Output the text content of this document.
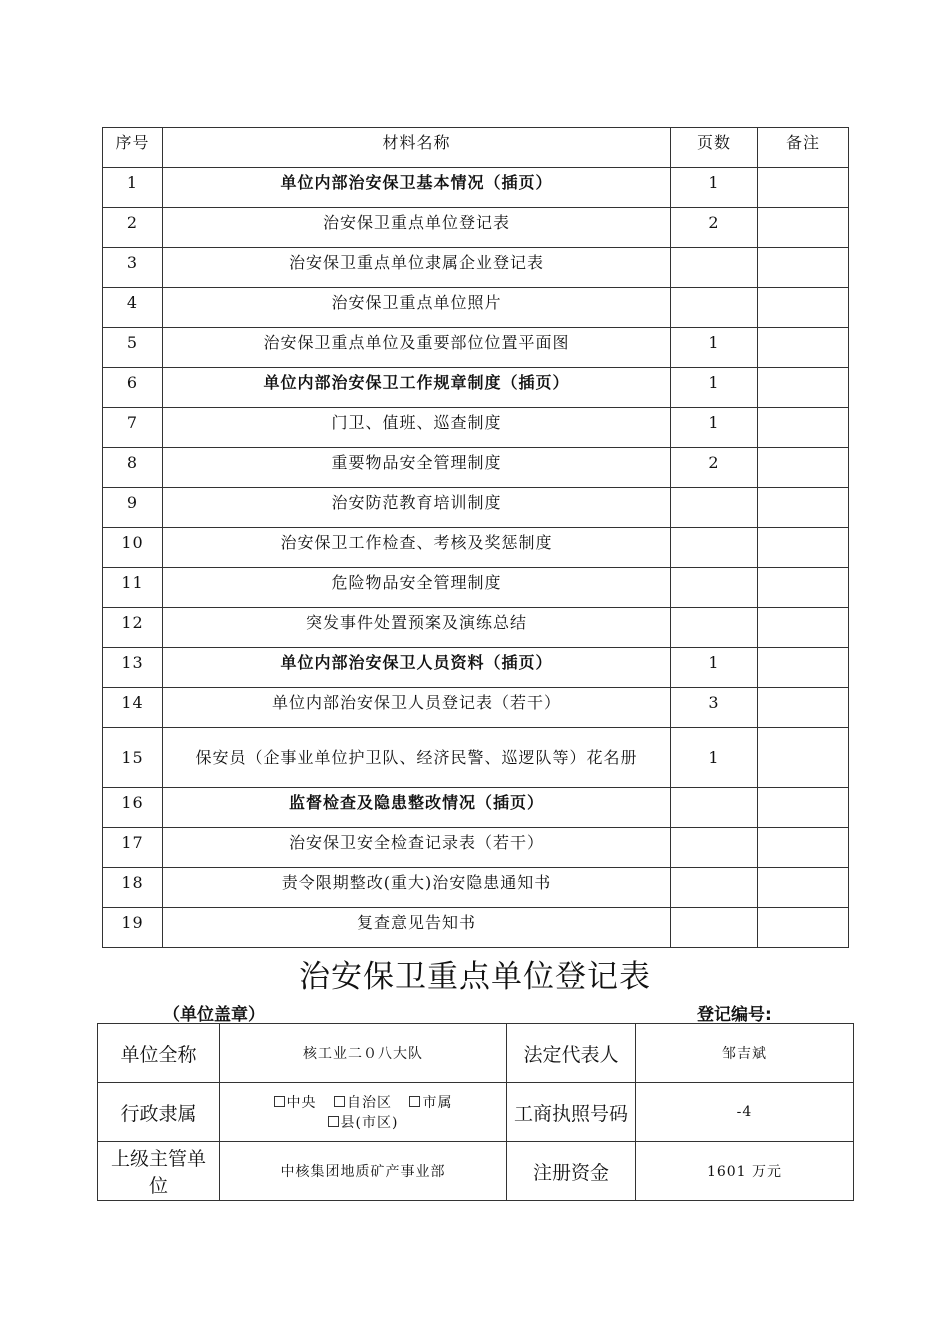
序号	材料名称	页数	备注
1	单位内部治安保卫基本情况（插页）	1	
2	治安保卫重点单位登记表	2	
3	治安保卫重点单位隶属企业登记表		
4	治安保卫重点单位照片		
5	治安保卫重点单位及重要部位位置平面图	1	
6	单位内部治安保卫工作规章制度（插页）	1	
7	门卫、值班、巡查制度	1	
8	重要物品安全管理制度	2	
9	治安防范教育培训制度		
10	治安保卫工作检查、考核及奖惩制度		
11	危险物品安全管理制度		
12	突发事件处置预案及演练总结		
13	单位内部治安保卫人员资料（插页）	1	
14	单位内部治安保卫人员登记表（若干）	3	
15	保安员（企事业单位护卫队、经济民警、巡逻队等）花名册	1	
16	监督检查及隐患整改情况（插页）		
17	治安保卫安全检查记录表（若干）		
18	责令限期整改(重大)治安隐患通知书		
19	复查意见告知书		
治安保卫重点单位登记表
（单位盖章）	登记编号:
单位全称	核工业二０八大队	法定代表人	邹吉斌
行政隶属	中央 自治区 市属 县(市区)	工商执照号码	-4
上级主管单位	中核集团地质矿产事业部	注册资金	1601 万元
